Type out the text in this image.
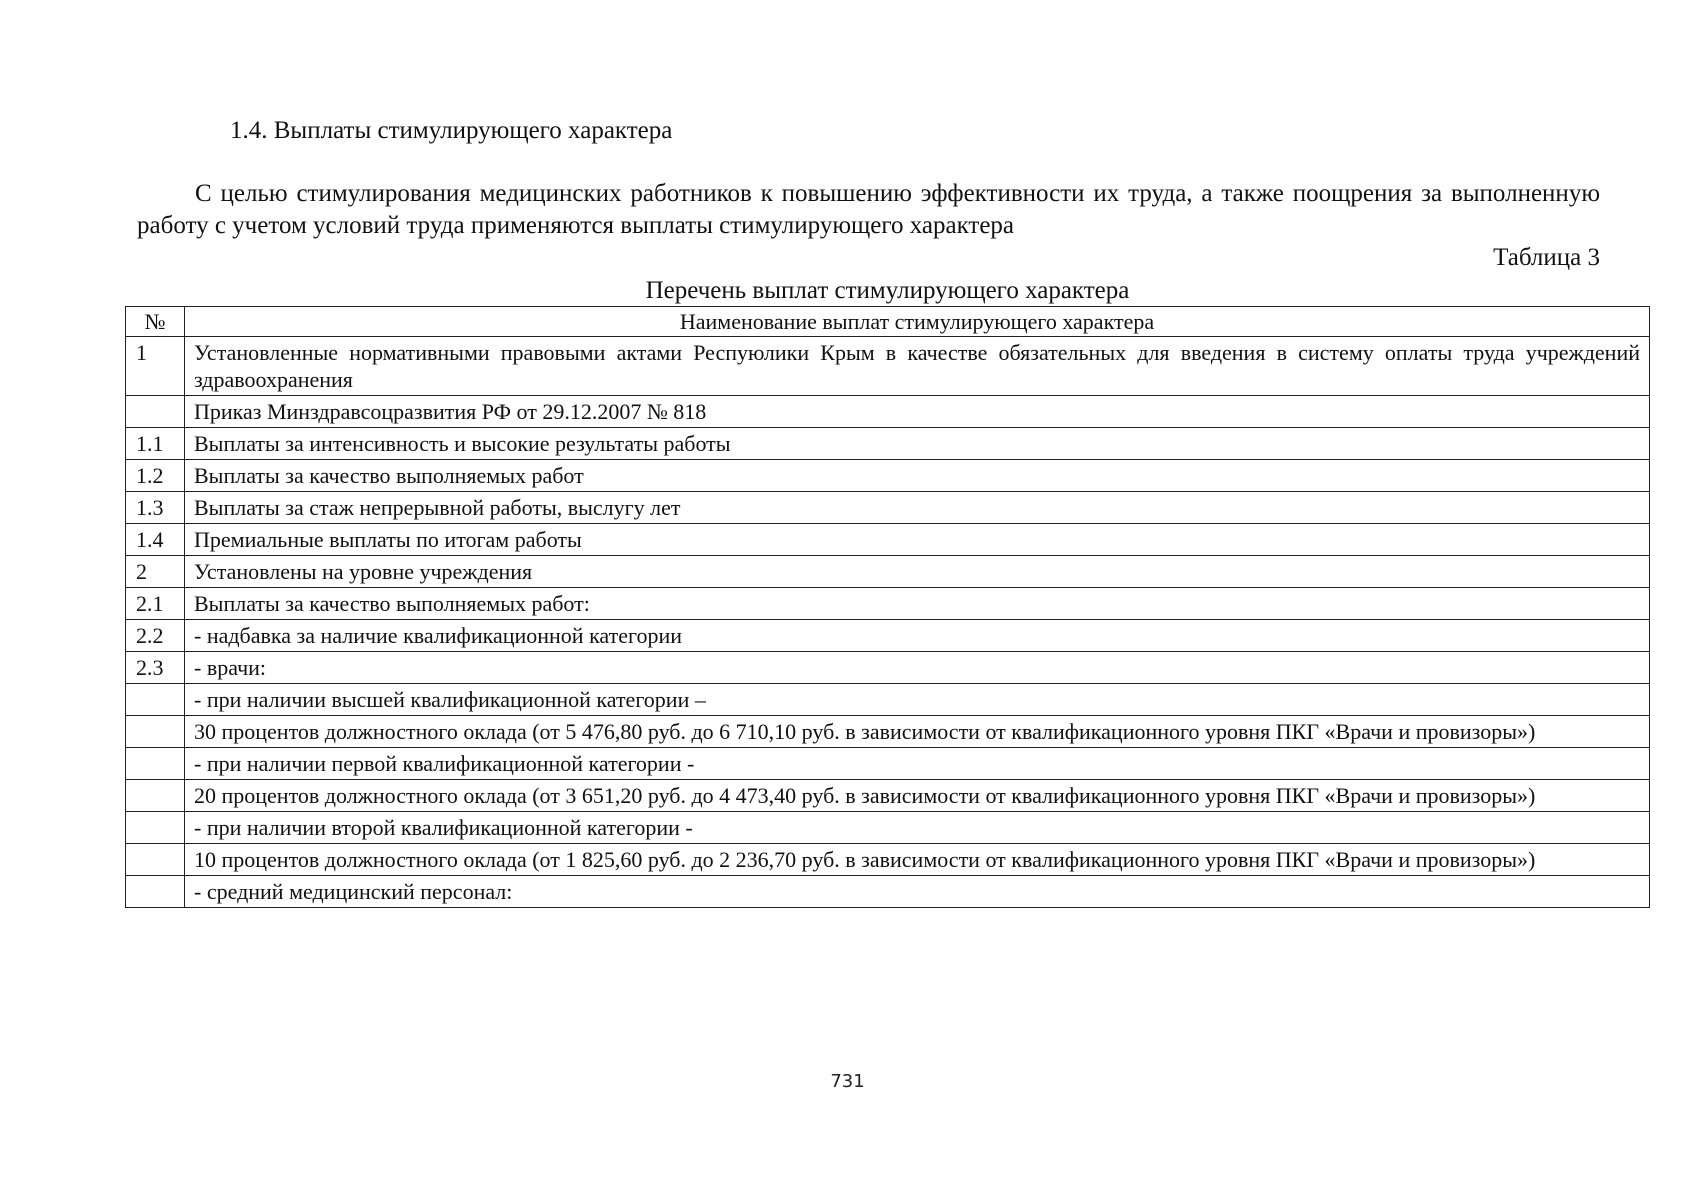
1.4. Выплаты стимулирующего характера

С целью стимулирования медицинских работников к повышению эффективности их труда, а также поощрения за выполненную работу с учетом условий труда применяются выплаты стимулирующего характера

Таблица 3
Перечень выплат стимулирующего характера
№	Наименование выплат стимулирующего характера
1	Установленные нормативными правовыми актами Респуюлики Крым в качестве обязательных для введения в систему оплаты труда учреждений здравоохранения
	Приказ Минздравсоцразвития РФ от 29.12.2007 № 818
1.1	Выплаты за интенсивность и высокие результаты работы
1.2	Выплаты за качество выполняемых работ
1.3	Выплаты за стаж непрерывной работы, выслугу лет
1.4	Премиальные выплаты по итогам работы
2	Установлены на уровне учреждения
2.1	Выплаты за качество выполняемых работ:
2.2	- надбавка за наличие квалификационной категории
2.3	- врачи:
	- при наличии высшей квалификационной категории –
	30 процентов должностного оклада (от 5 476,80 руб. до 6 710,10 руб. в зависимости от квалификационного уровня ПКГ «Врачи и провизоры»)
	- при наличии первой квалификационной категории -
	20 процентов должностного оклада (от 3 651,20 руб. до 4 473,40 руб. в зависимости от квалификационного уровня ПКГ «Врачи и провизоры»)
	- при наличии второй квалификационной категории -
	10 процентов должностного оклада (от 1 825,60 руб. до 2 236,70 руб. в зависимости от квалификационного уровня ПКГ «Врачи и провизоры»)
	- средний медицинский персонал:
731
